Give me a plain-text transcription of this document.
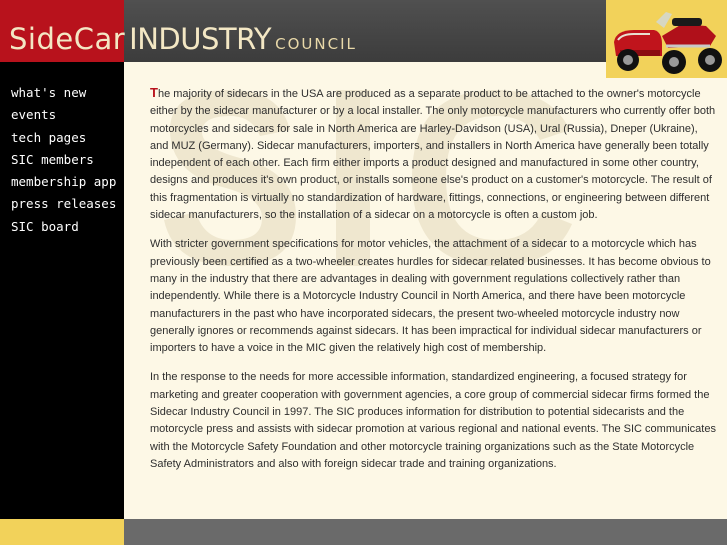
SideCar INDUSTRY COUNCIL
what's new
events
tech pages
SIC members
membership app
press releases
SIC board

The majority of sidecars in the USA are produced as a separate product to be attached to the owner's motorcycle either by the sidecar manufacturer or by a local installer. The only motorcycle manufacturers who currently offer both motorcycles and sidecars for sale in North America are Harley-Davidson (USA), Ural (Russia), Dneper (Ukraine), and MUZ (Germany). Sidecar manufacturers, importers, and installers in North America have generally been totally independent of each other. Each firm either imports a product designed and manufactured in some other country, designs and produces it's own product, or installs someone else's product on a customer's motorcycle. The result of this fragmentation is virtually no standardization of hardware, fittings, connections, or engineering between different sidecar manufacturers, so the installation of a sidecar on a motorcycle is often a custom job.

With stricter government specifications for motor vehicles, the attachment of a sidecar to a motorcycle which has previously been certified as a two-wheeler creates hurdles for sidecar related businesses. It has become obvious to many in the industry that there are advantages in dealing with government regulations collectively rather than independently. While there is a Motorcycle Industry Council in North America, and there have been motorcycle manufacturers in the past who have incorporated sidecars, the present two-wheeled motorcycle industry now generally ignores or recommends against sidecars. It has been impractical for individual sidecar manufacturers or importers to have a voice in the MIC given the relatively high cost of membership.

In the response to the needs for more accessible information, standardized engineering, a focused strategy for marketing and greater cooperation with government agencies, a core group of commercial sidecar firms formed the Sidecar Industry Council in 1997. The SIC produces information for distribution to potential sidecarists and the motorcycle press and assists with sidecar promotion at various regional and national events. The SIC communicates with the Motorcycle Safety Foundation and other motorcycle training organizations such as the State Motorcycle Safety Administrators and also with foreign sidecar trade and training organizations.
